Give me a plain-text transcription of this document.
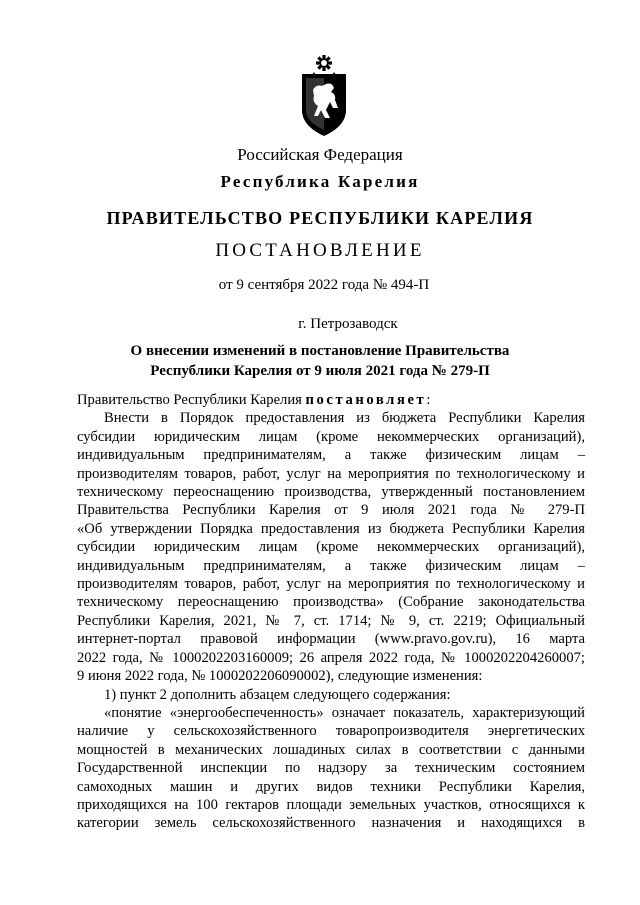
Российская Федерация
Республика Карелия
ПРАВИТЕЛЬСТВО РЕСПУБЛИКИ КАРЕЛИЯ
ПОСТАНОВЛЕНИЕ
от 9 сентября 2022 года № 494-П
г. Петрозаводск
О внесении изменений в постановление Правительства
Республики Карелия от 9 июля 2021 года № 279-П

Правительство Республики Карелия постановляет:

Внести в Порядок предоставления из бюджета Республики Карелия

субсидии юридическим лицам (кроме некоммерческих организаций),

индивидуальным предпринимателям, а также физическим лицам –

производителям товаров, работ, услуг на мероприятия по технологическому и

техническому переоснащению производства, утвержденный постановлением

Правительства Республики Карелия от 9 июля 2021 года № 279-П

«Об утверждении Порядка предоставления из бюджета Республики Карелия

субсидии юридическим лицам (кроме некоммерческих организаций),

индивидуальным предпринимателям, а также физическим лицам –

производителям товаров, работ, услуг на мероприятия по технологическому и

техническому переоснащению производства» (Собрание законодательства

Республики Карелия, 2021, № 7, ст. 1714; № 9, ст. 2219; Официальный

интернет-портал правовой информации (www.pravo.gov.ru), 16 марта

2022 года, № 1000202203160009; 26 апреля 2022 года, № 1000202204260007;

9 июня 2022 года, № 1000202206090002), следующие изменения:

1) пункт 2 дополнить абзацем следующего содержания:

«понятие «энергообеспеченность» означает показатель, характеризующий

наличие у сельскохозяйственного товаропроизводителя энергетических

мощностей в механических лошадиных силах в соответствии с данными

Государственной инспекции по надзору за техническим состоянием

самоходных машин и других видов техники Республики Карелия,

приходящихся на 100 гектаров площади земельных участков, относящихся к

категории земель сельскохозяйственного назначения и находящихся в
